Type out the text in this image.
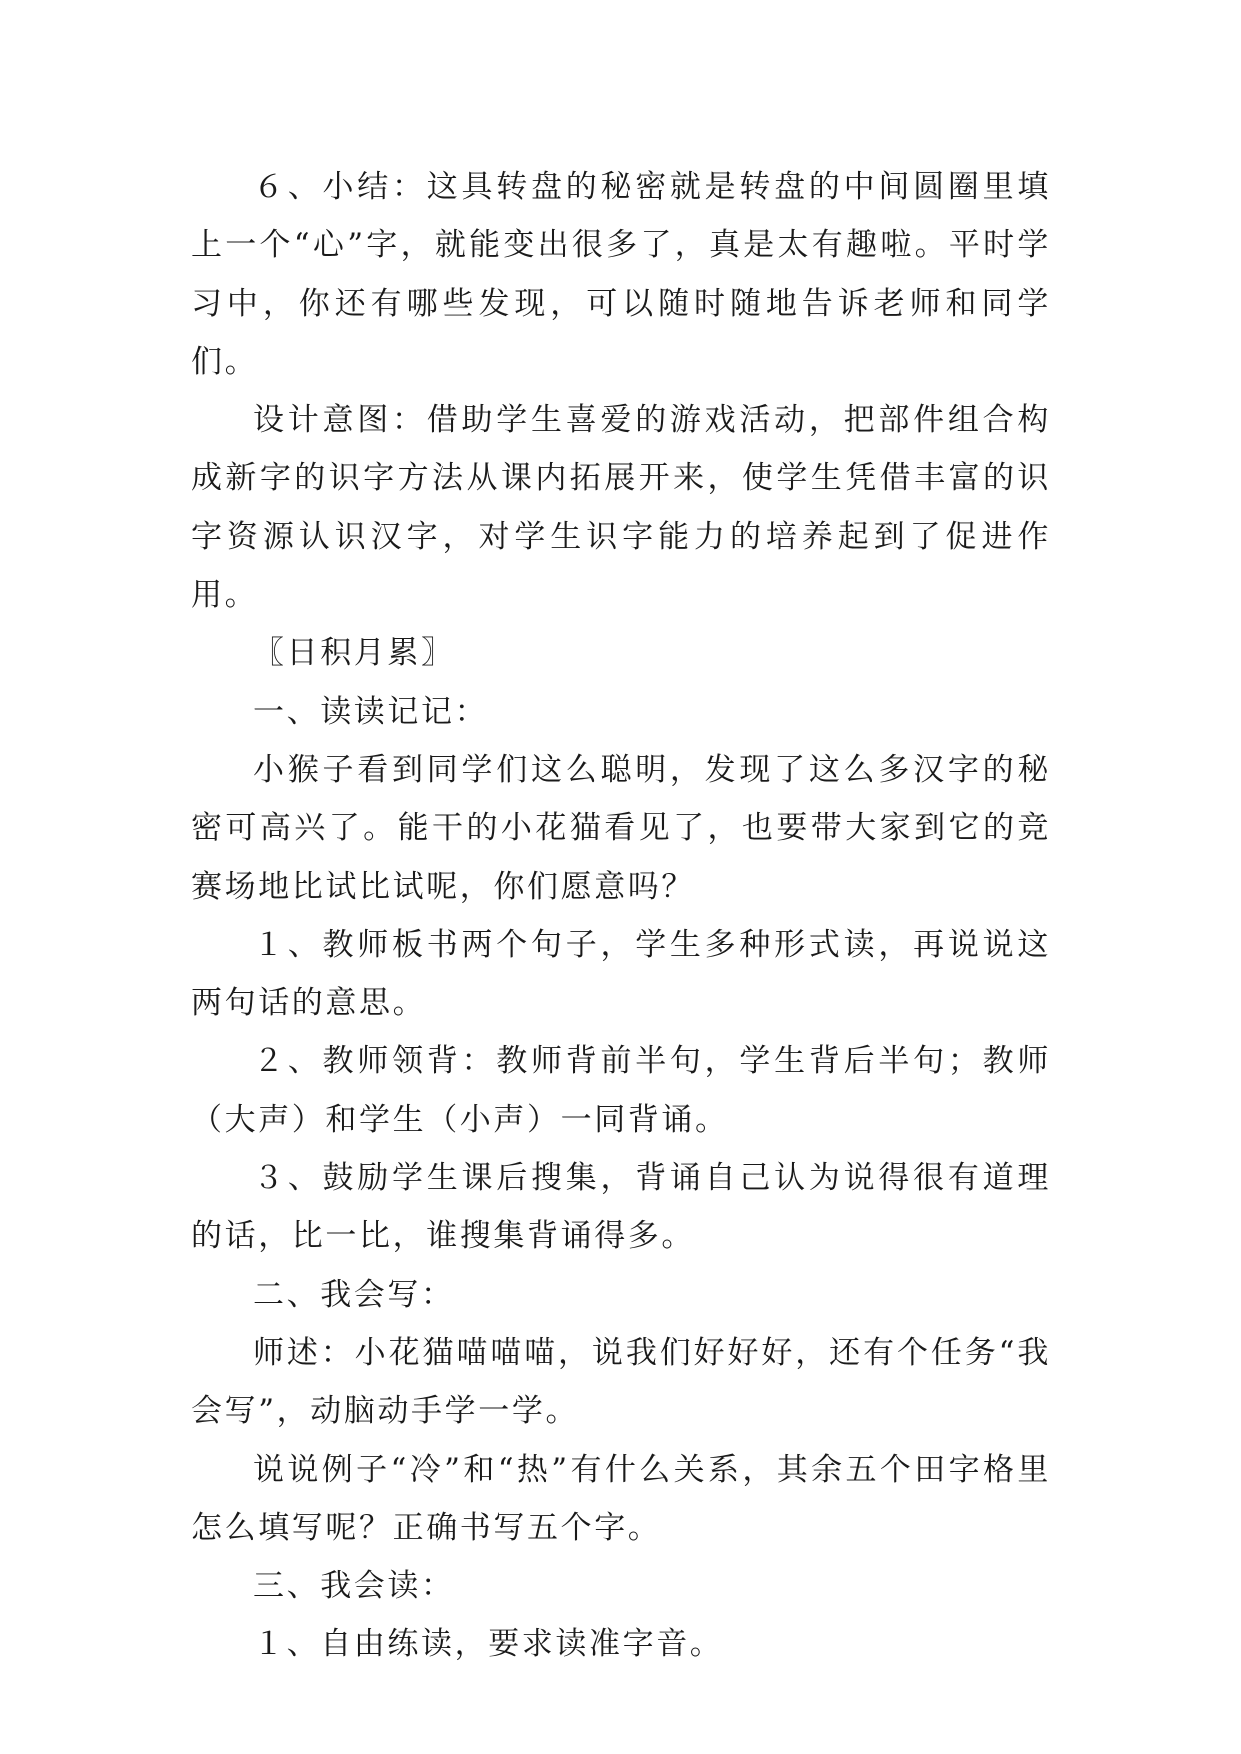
６、小结：这具转盘的秘密就是转盘的中间圆圈里填上一个“心”字，就能变出很多了，真是太有趣啦。平时学习中，你还有哪些发现，可以随时随地告诉老师和同学们。

设计意图：借助学生喜爱的游戏活动，把部件组合构成新字的识字方法从课内拓展开来，使学生凭借丰富的识字资源认识汉字，对学生识字能力的培养起到了促进作用。

〖日积月累〗

一、读读记记：

小猴子看到同学们这么聪明，发现了这么多汉字的秘密可高兴了。能干的小花猫看见了，也要带大家到它的竞赛场地比试比试呢，你们愿意吗？

１、教师板书两个句子，学生多种形式读，再说说这两句话的意思。

２、教师领背：教师背前半句，学生背后半句；教师（大声）和学生（小声）一同背诵。

３、鼓励学生课后搜集，背诵自己认为说得很有道理的话，比一比，谁搜集背诵得多。

二、我会写：

师述：小花猫喵喵喵，说我们好好好，还有个任务“我会写”，动脑动手学一学。

说说例子“冷”和“热”有什么关系，其余五个田字格里怎么填写呢？正确书写五个字。

三、我会读：

１、自由练读，要求读准字音。
